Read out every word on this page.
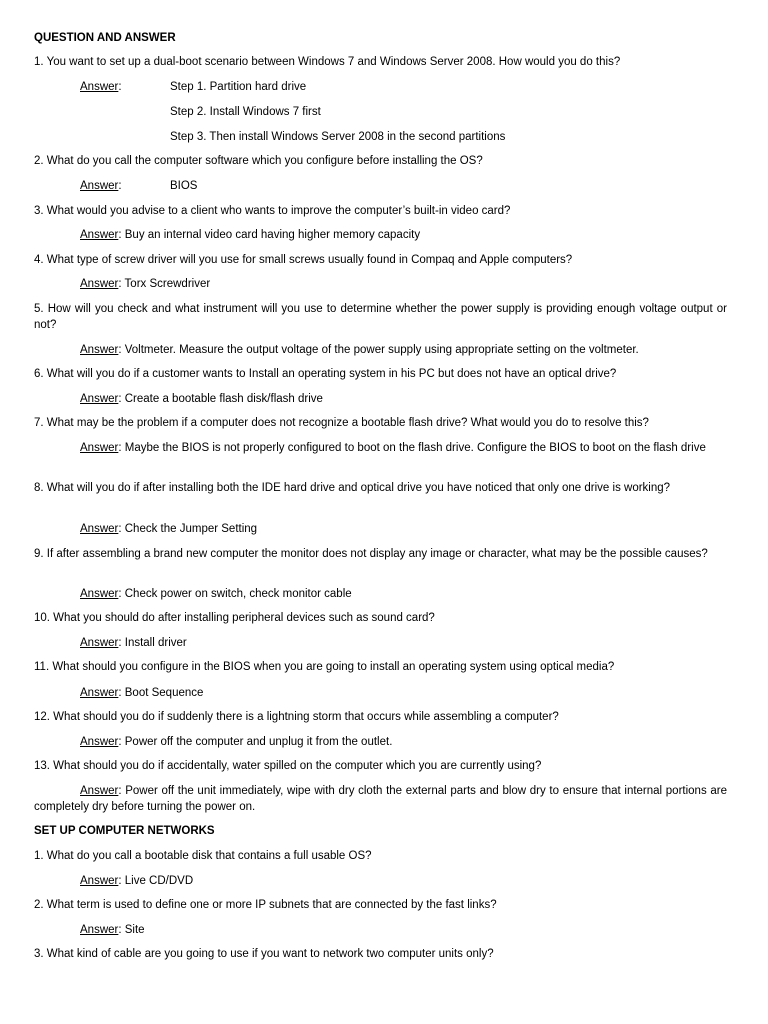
QUESTION AND ANSWER
1. You want to set up a dual-boot scenario between Windows 7 and Windows Server 2008. How would you do this?
Answer:	Step 1. Partition hard drive
Step 2. Install Windows 7 first
Step 3. Then install Windows Server 2008 in the second partitions
2. What do you call the computer software which you configure before installing the OS?
Answer:	BIOS
3. What would you advise to a client who wants to improve the computer’s built-in video card?
Answer: Buy an internal video card having higher memory capacity
4. What type of screw driver will you use for small screws usually found in Compaq and Apple computers?
Answer: Torx Screwdriver
5. How will you check and what instrument will you use to determine whether the power supply is providing enough voltage output or not?
Answer: Voltmeter. Measure the output voltage of the power supply using appropriate setting on the voltmeter.
6. What will you do if a customer wants to Install an operating system in his PC but does not have an optical drive?
Answer: Create a bootable flash disk/flash drive
7. What may be the problem if a computer does not recognize a bootable flash drive? What would you do to resolve this?
Answer: Maybe the BIOS is not properly configured to boot on the flash drive. Configure the BIOS to boot on the flash drive
8. What will you do if after installing both the IDE hard drive and optical drive you have noticed that only one drive is working?
Answer: Check the Jumper Setting
9. If after assembling a brand new computer the monitor does not display any image or character, what may be the possible causes?
Answer: Check power on switch, check monitor cable
10. What you should do after installing peripheral devices such as sound card?
Answer: Install driver
11. What should you configure in the BIOS when you are going to install an operating system using optical media?
Answer: Boot Sequence
12. What should you do if suddenly there is a lightning storm that occurs while assembling a computer?
Answer: Power off the computer and unplug it from the outlet.
13. What should you do if accidentally, water spilled on the computer which you are currently using?
Answer: Power off the unit immediately, wipe with dry cloth the external parts and blow dry to ensure that internal portions are completely dry before turning the power on.
SET UP COMPUTER NETWORKS
1. What do you call a bootable disk that contains a full usable OS?
Answer: Live CD/DVD
2. What term is used to define one or more IP subnets that are connected by the fast links?
Answer: Site
3. What kind of cable are you going to use if you want to network two computer units only?
